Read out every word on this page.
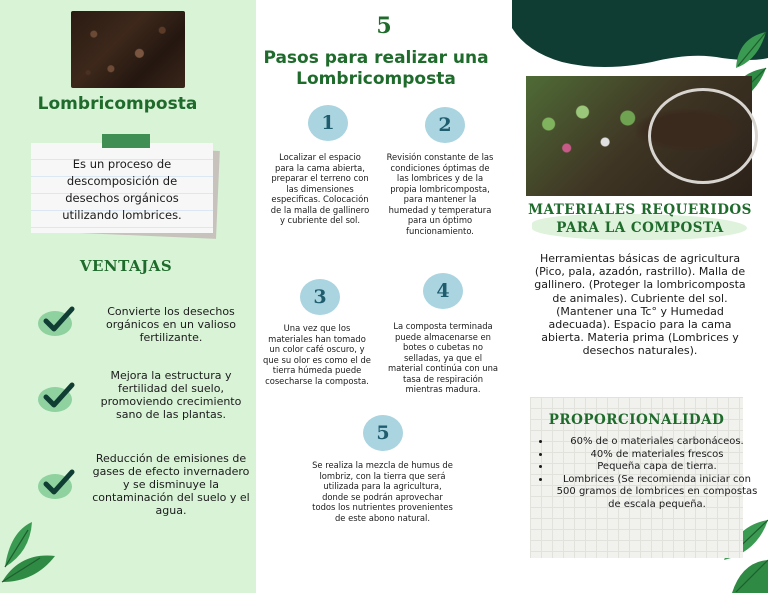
Lombricomposta
Es un proceso de descomposición de desechos orgánicos utilizando lombrices.
VENTAJAS
Convierte los desechos orgánicos en un valioso fertilizante.
Mejora la estructura y fertilidad del suelo, promoviendo crecimiento sano de las plantas.
Reducción de emisiones de gases de efecto invernadero y se disminuye la contaminación del suelo y el agua.
5
Pasos para realizar una Lombricomposta
1
Localizar el espacio para la cama abierta, preparar el terreno con las dimensiones especificas. Colocación de la malla de gallinero y cubriente del sol.
2
Revisión constante de las condiciones óptimas de las lombrices y de la propia lombricomposta, para mantener la humedad y temperatura para un óptimo funcionamiento.
3
Una vez que los materiales han tomado un color café oscuro, y que su olor es como el de tierra húmeda puede cosecharse la composta.
4
La composta terminada puede almacenarse en botes o cubetas no selladas, ya que el material continúa con una tasa de respiración mientras madura.
5
Se realiza la mezcla de humus de lombriz, con la tierra que será utilizada para la agricultura, donde se podrán aprovechar todos los nutrientes provenientes de este abono natural.
MATERIALES REQUERIDOS
PARA LA COMPOSTA
Herramientas básicas de agricultura (Pico, pala, azadón, rastrillo). Malla de gallinero. (Proteger la lombricomposta de animales). Cubriente del sol. (Mantener una Tc° y Humedad adecuada). Espacio para la cama abierta. Materia prima (Lombrices y desechos naturales).
PROPORCIONALIDAD
• 60% de o materiales carbonáceos.
• 40% de materiales frescos
• Pequeña capa de tierra.
• Lombrices (Se recomienda iniciar con 500 gramos de lombrices en compostas de escala pequeña.
